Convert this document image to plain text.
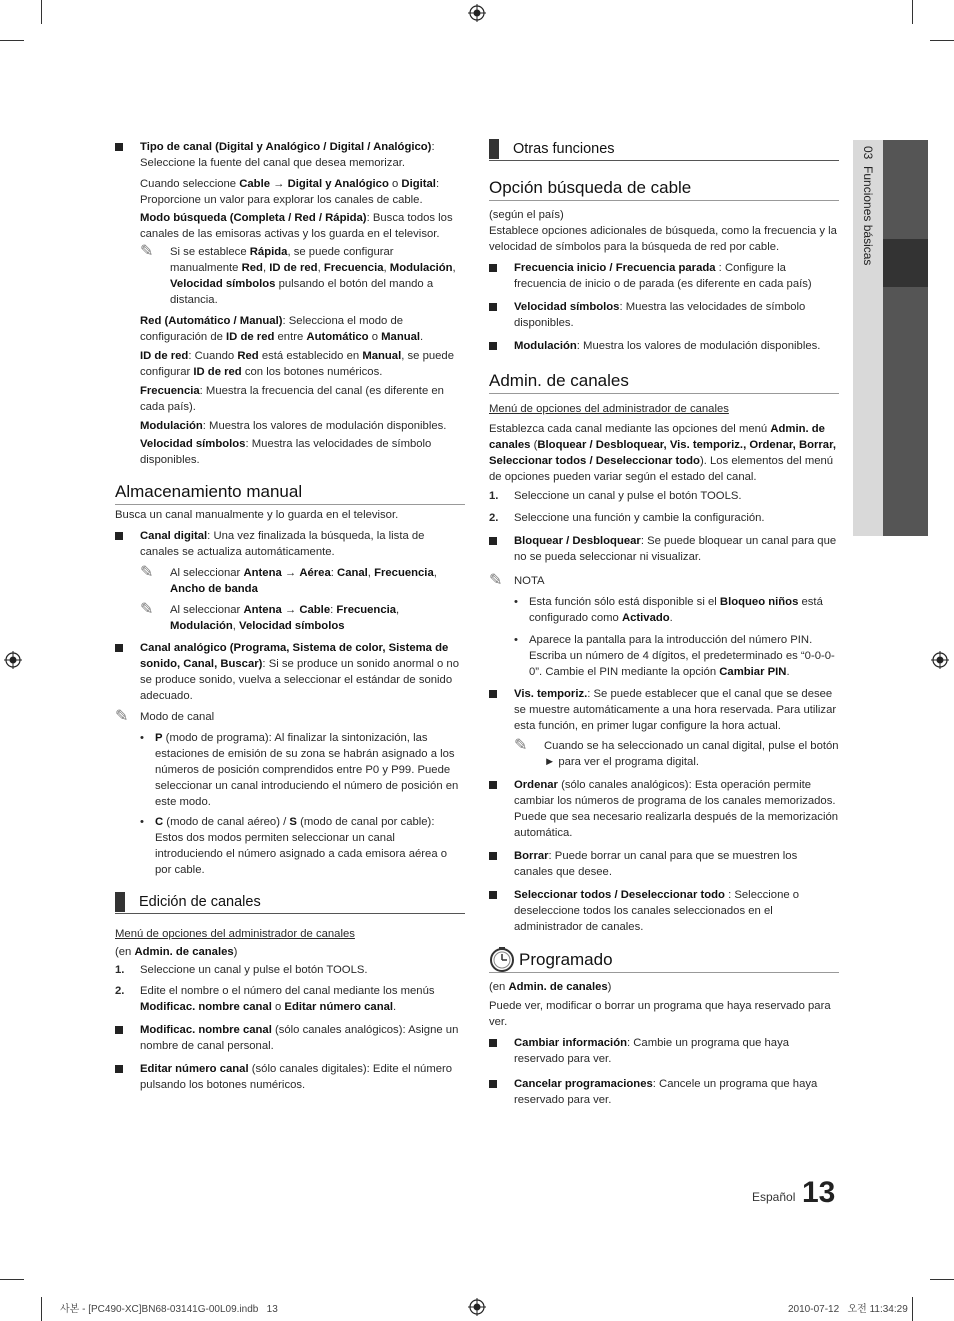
03  Funciones básicas
Tipo de canal (Digital y Analógico / Digital / Analógico): Seleccione la fuente del canal que desea memorizar.
Cuando seleccione Cable → Digital y Analógico o Digital: Proporcione un valor para explorar los canales de cable.
Modo búsqueda (Completa / Red / Rápida): Busca todos los canales de las emisoras activas y los guarda en el televisor.
✎ Si se establece Rápida, se puede configurar manualmente Red, ID de red, Frecuencia, Modulación, Velocidad símbolos pulsando el botón del mando a distancia.
Red (Automático / Manual): Selecciona el modo de configuración de ID de red entre Automático o Manual.
ID de red: Cuando Red está establecido en Manual, se puede configurar ID de red con los botones numéricos.
Frecuencia: Muestra la frecuencia del canal (es diferente en cada país).
Modulación: Muestra los valores de modulación disponibles.
Velocidad símbolos: Muestra las velocidades de símbolo disponibles.
Almacenamiento manual
Busca un canal manualmente y lo guarda en el televisor.
Canal digital: Una vez finalizada la búsqueda, la lista de canales se actualiza automáticamente.
✎ Al seleccionar Antena → Aérea: Canal, Frecuencia, Ancho de banda
✎ Al seleccionar Antena → Cable: Frecuencia, Modulación, Velocidad símbolos
Canal analógico (Programa, Sistema de color, Sistema de sonido, Canal, Buscar): Si se produce un sonido anormal o no se produce sonido, vuelva a seleccionar el estándar de sonido adecuado.
✎ Modo de canal
• P (modo de programa): Al finalizar la sintonización, las estaciones de emisión de su zona se habrán asignado a los números de posición comprendidos entre P0 y P99. Puede seleccionar un canal introduciendo el número de posición en este modo.
• C (modo de canal aéreo) / S (modo de canal por cable): Estos dos modos permiten seleccionar un canal introduciendo el número asignado a cada emisora aérea o por cable.
Edición de canales
Menú de opciones del administrador de canales
(en Admin. de canales)
1. Seleccione un canal y pulse el botón TOOLS.
2. Edite el nombre o el número del canal mediante los menús Modificac. nombre canal o Editar número canal.
Modificac. nombre canal (sólo canales analógicos): Asigne un nombre de canal personal.
Editar número canal (sólo canales digitales): Edite el número pulsando los botones numéricos.
Otras funciones
Opción búsqueda de cable
(según el país)
Establece opciones adicionales de búsqueda, como la frecuencia y la velocidad de símbolos para la búsqueda de red por cable.
Frecuencia inicio / Frecuencia parada : Configure la frecuencia de inicio o de parada (es diferente en cada país)
Velocidad símbolos: Muestra las velocidades de símbolo disponibles.
Modulación: Muestra los valores de modulación disponibles.
Admin. de canales
Menú de opciones del administrador de canales
Establezca cada canal mediante las opciones del menú Admin. de canales (Bloquear / Desbloquear, Vis. temporiz., Ordenar, Borrar, Seleccionar todos / Deseleccionar todo). Los elementos del menú de opciones pueden variar según el estado del canal.
1. Seleccione un canal y pulse el botón TOOLS.
2. Seleccione una función y cambie la configuración.
Bloquear / Desbloquear: Se puede bloquear un canal para que no se pueda seleccionar ni visualizar.
✎ NOTA
• Esta función sólo está disponible si el Bloqueo niños está configurado como Activado.
• Aparece la pantalla para la introducción del número PIN. Escriba un número de 4 dígitos, el predeterminado es “0-0-0-0”. Cambie el PIN mediante la opción Cambiar PIN.
Vis. temporiz.: Se puede establecer que el canal que se desee se muestre automáticamente a una hora reservada. Para utilizar esta función, en primer lugar configure la hora actual.
✎ Cuando se ha seleccionado un canal digital, pulse el botón ► para ver el programa digital.
Ordenar (sólo canales analógicos): Esta operación permite cambiar los números de programa de los canales memorizados. Puede que sea necesario realizarla después de la memorización automática.
Borrar: Puede borrar un canal para que se muestren los canales que desee.
Seleccionar todos / Deseleccionar todo : Seleccione o deseleccione todos los canales seleccionados en el administrador de canales.
Programado
(en Admin. de canales)
Puede ver, modificar o borrar un programa que haya reservado para ver.
Cambiar información: Cambie un programa que haya reservado para ver.
Cancelar programaciones: Cancele un programa que haya reservado para ver.
Español 13
사본 - [PC490-XC]BN68-03141G-00L09.indb   13	2010-07-12   오전 11:34:29
